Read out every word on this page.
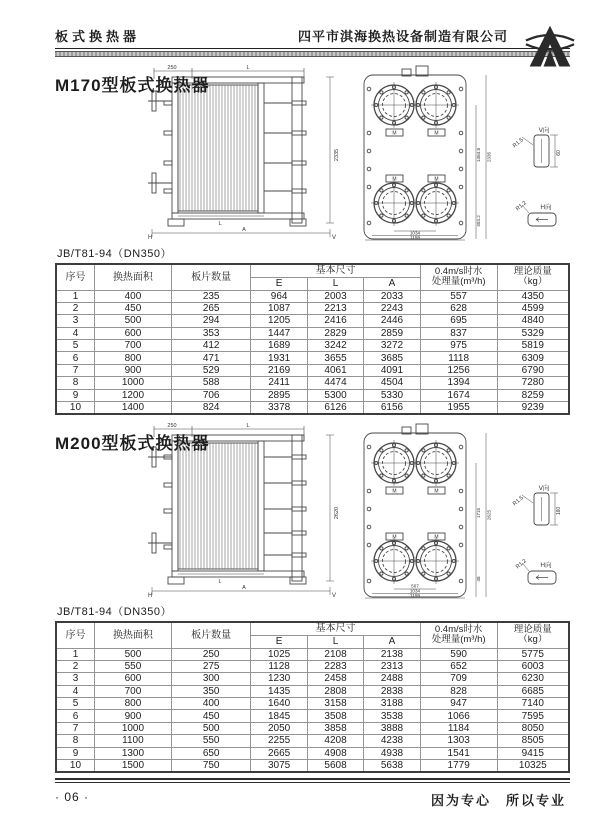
板式换热器	四平市淇海换热设备制造有限公司
M170型板式换热器
250	L
2335
L
A
H	V
M	M
M	M
1464.8 2335
403.2
1034
1159
V向
R1.5
60
R1.2 H向
JB/T81-94（DN350）
序号	换热面积	板片数量	基本尺寸			0.4m/s时水
处理量(m³/h)	理论质量
（kg）
			E	L	A		
1	400	235	964	2003	2033	557	4350
2	450	265	1087	2213	2243	628	4599
3	500	294	1205	2416	2446	695	4840
4	600	353	1447	2829	2859	837	5329
5	700	412	1689	3242	3272	975	5819
6	800	471	1931	3655	3685	1118	6309
7	900	529	2169	4061	4091	1256	6790
8	1000	588	2411	4474	4504	1394	7280
9	1200	706	2895	5300	5330	1674	8259
10	1400	824	3378	6126	6156	1955	9239
M200型板式换热器
250	L
2620
L
A
H	V
M	M
M	M
1715 2625
48
567
1034
1159
V向
R1.5
160
R1.2 H向
JB/T81-94（DN350）
序号	换热面积	板片数量	基本尺寸			0.4m/s时水
处理量(m³/h)	理论质量
（kg）
			E	L	A		
1	500	250	1025	2108	2138	590	5775
2	550	275	1128	2283	2313	652	6003
3	600	300	1230	2458	2488	709	6230
4	700	350	1435	2808	2838	828	6685
5	800	400	1640	3158	3188	947	7140
6	900	450	1845	3508	3538	1066	7595
7	1000	500	2050	3858	3888	1184	8050
8	1100	550	2255	4208	4238	1303	8505
9	1300	650	2665	4908	4938	1541	9415
10	1500	750	3075	5608	5638	1779	10325
· 06 ·	因为专心　所以专业
